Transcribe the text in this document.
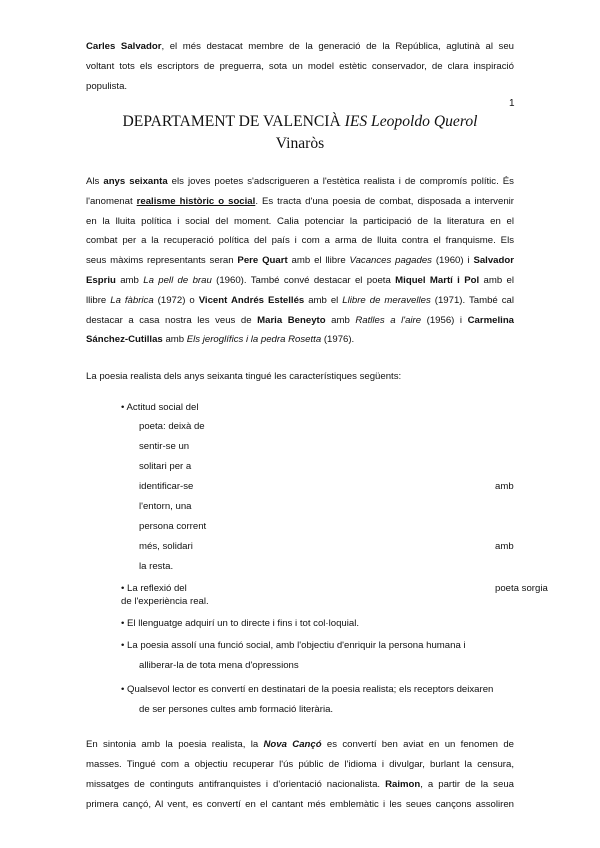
Carles Salvador, el més destacat membre de la generació de la República, aglutinà al seu
voltant tots els escriptors de preguerra, sota un model estètic conservador, de clara inspiració
populista.
1
DEPARTAMENT DE VALENCIÀ IES Leopoldo Querol
Vinaròs
Als anys seixanta els joves poetes s'adscrigueren a l'estètica realista i de compromís polític. És
l'anomenat realisme històric o social. Es tracta d'una poesia de combat, disposada a intervenir
en la lluita política i social del moment. Calia potenciar la participació de la literatura en el
combat per a la recuperació política del país i com a arma de lluita contra el franquisme. Els
seus màxims representants seran Pere Quart amb el llibre Vacances pagades (1960) i Salvador
Espriu amb La pell de brau (1960). També convé destacar el poeta Miquel Martí i Pol amb el
llibre La fàbrica (1972) o Vicent Andrés Estellés amb el Llibre de meravelles (1971). També cal
destacar a casa nostra les veus de Maria Beneyto amb Ratlles a l'aire (1956) i Carmelina
Sánchez-Cutillas amb Els jeroglífics i la pedra Rosetta (1976).
La poesia realista dels anys seixanta tingué les característiques següents:
• Actitud social del
poeta: deixà de
sentir-se un
solitari per a
identificar-se	amb
l'entorn, una
persona corrent
més, solidari	amb
la resta.
• La reflexió del	poeta sorgia
de l'experiència real.
• El llenguatge adquirí un to directe i fins i tot col·loquial.
• La poesia assolí una funció social, amb l'objectiu d'enriquir la persona humana i
alliberar-la de tota mena d'opressions
• Qualsevol lector es convertí en destinatari de la poesia realista; els receptors deixaren
de ser persones cultes amb formació literària.
En sintonia amb la poesia realista, la Nova Cançó es convertí ben aviat en un fenomen de
masses. Tingué com a objectiu recuperar l'ús públic de l'idioma i divulgar, burlant la censura,
missatges de continguts antifranquistes i d'orientació nacionalista. Raimon, a partir de la seua
primera cançó, Al vent, es convertí en el cantant més emblemàtic i les seues cançons assoliren
